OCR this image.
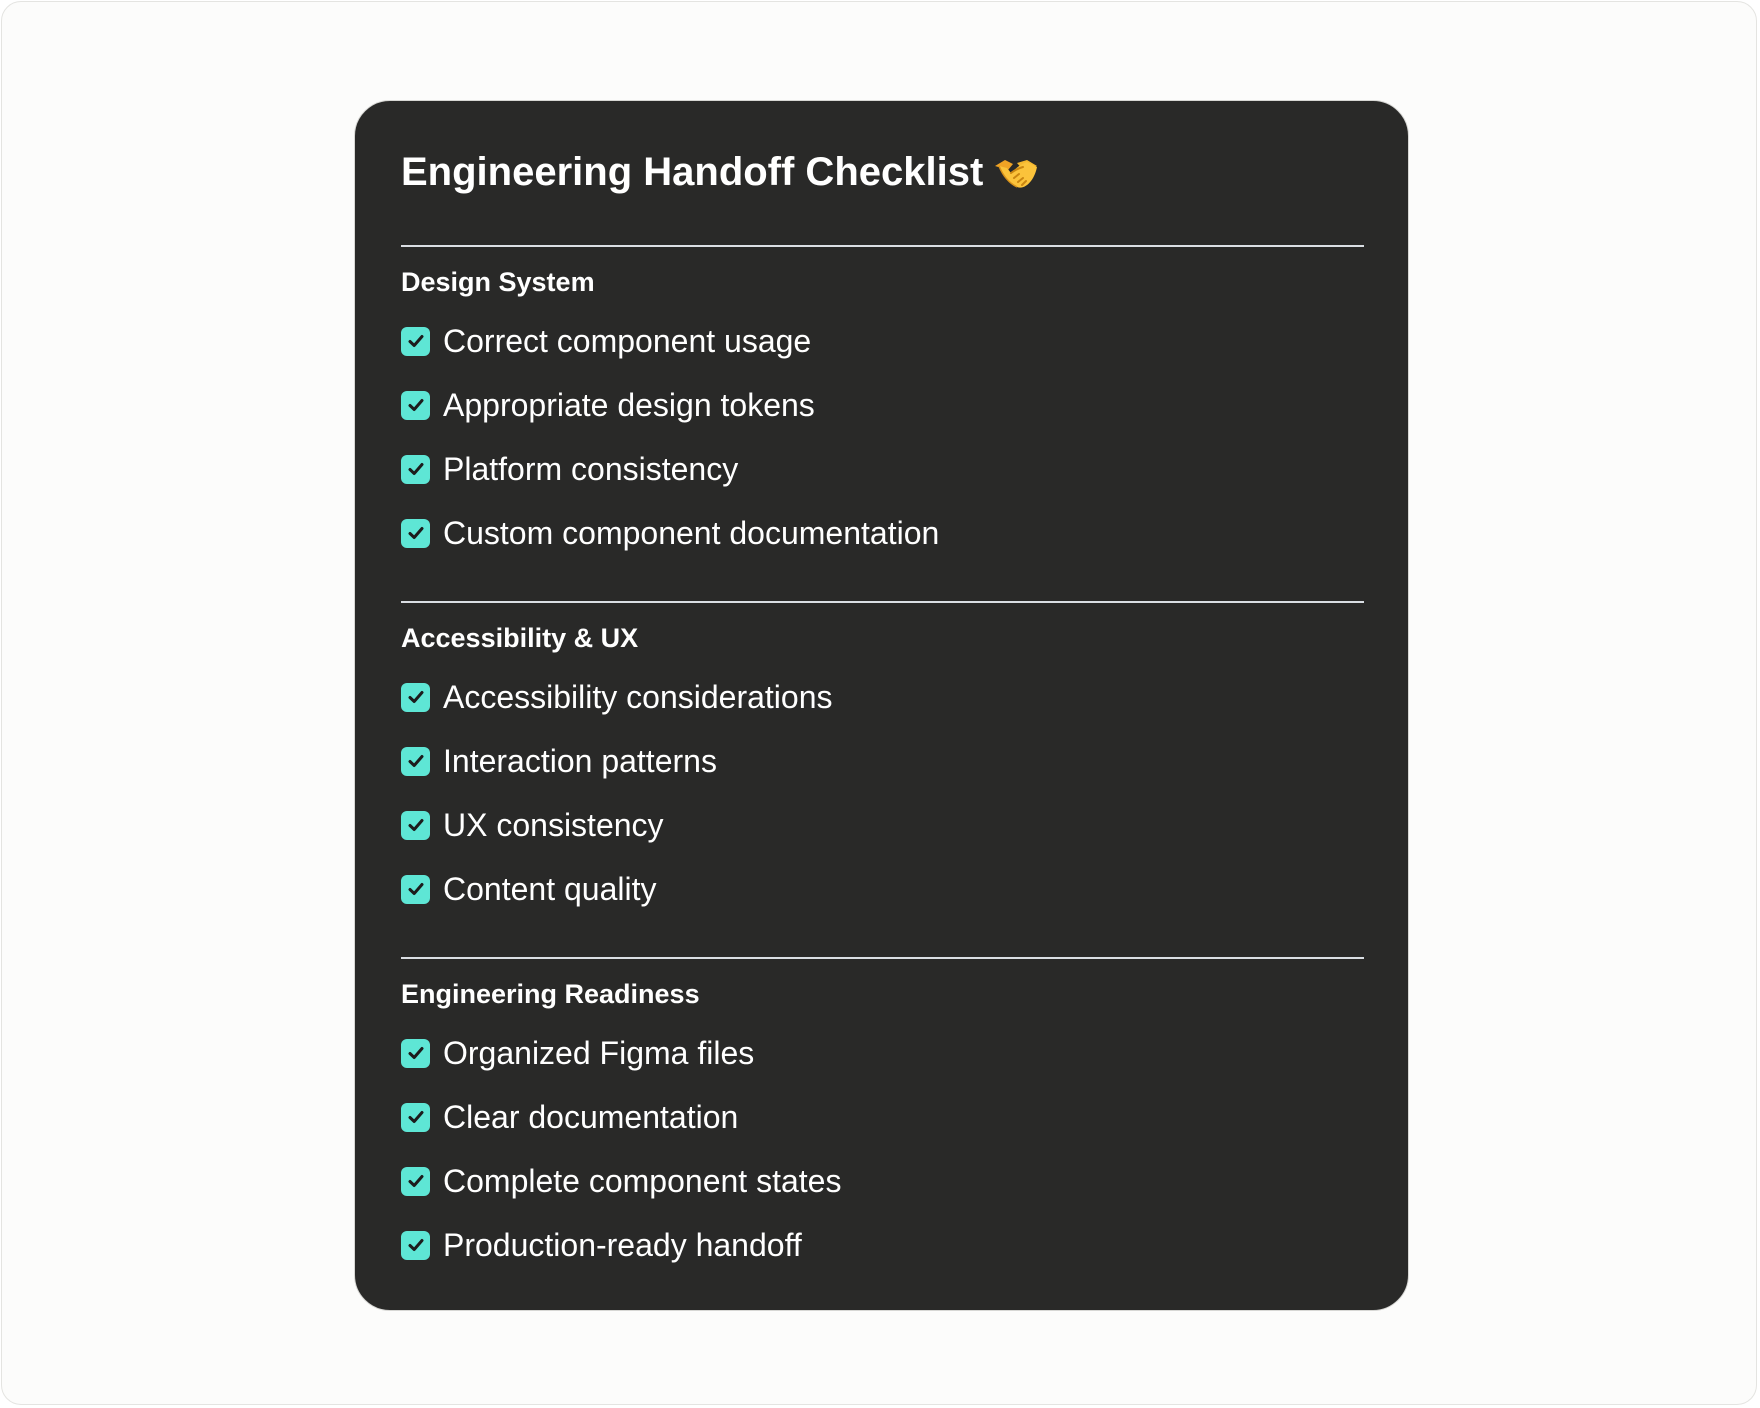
Engineering Handoff Checklist
Design System
Correct component usage
Appropriate design tokens
Platform consistency
Custom component documentation
Accessibility & UX
Accessibility considerations
Interaction patterns
UX consistency
Content quality
Engineering Readiness
Organized Figma files
Clear documentation
Complete component states
Production-ready handoff
